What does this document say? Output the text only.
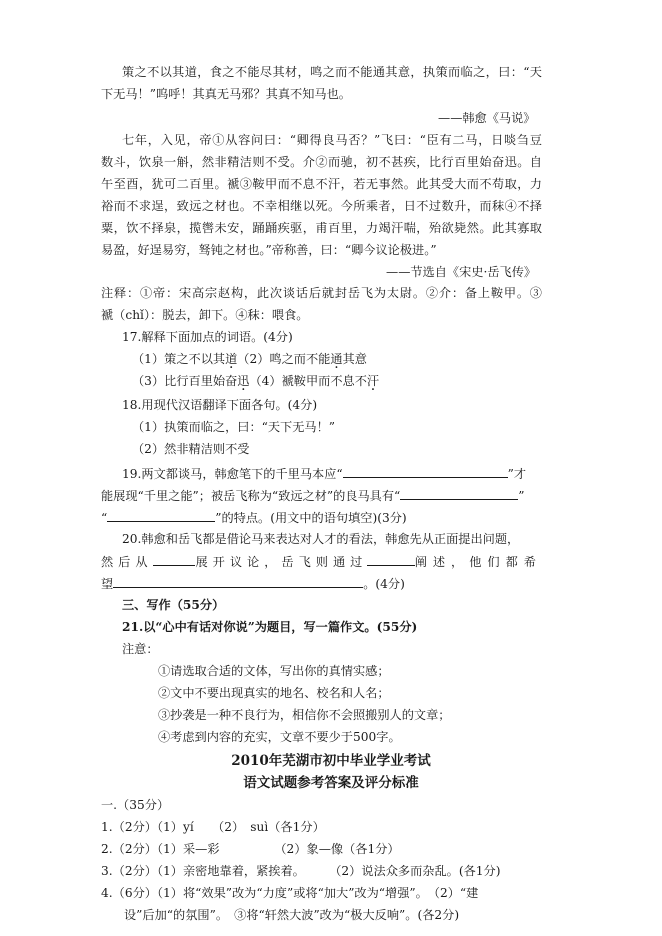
策之不以其道，食之不能尽其材，鸣之而不能通其意，执策而临之，曰：“天
下无马！”呜呼！其真无马邪？其真不知马也。
——韩愈《马说》
七年，入见，帝①从容问曰：“卿得良马否？”飞曰：“臣有二马，日啖刍豆
数斗，饮泉一斛，然非精洁则不受。介②而驰，初不甚疾，比行百里始奋迅。自
午至酉，犹可二百里。褫③鞍甲而不息不汗，若无事然。此其受大而不苟取，力
裕而不求逞，致远之材也。不幸相继以死。今所乘者，日不过数升，而秣④不择
粟，饮不择泉，揽辔未安，踊踊疾驱，甫百里，力竭汗喘，殆欲毙然。此其寡取
易盈，好逞易穷，驽钝之材也。”帝称善，曰：“卿今议论极进。”
——节选自《宋史·岳飞传》
注释：①帝：宋高宗赵构，此次谈话后就封岳飞为太尉。②介：备上鞍甲。③
褫（chǐ）：脱去，卸下。④秣：喂食。
17.解释下面加点的词语。(4分)
（1）策之不以其道（2）鸣之而不能通其意
（3）比行百里始奋迅（4）褫鞍甲而不息不汗
18.用现代汉语翻译下面各句。(4分)
（1）执策而临之，曰：“天下无马！”
（2）然非精洁则不受
19.两文都谈马，韩愈笔下的千里马本应“	”才
能展现“千里之能”；被岳飞称为“致远之材”的良马具有“	”
“	”的特点。(用文中的语句填空)(3分)
20.韩愈和岳飞都是借论马来表达对人才的看法，韩愈先从正面提出问题，
然后从	展开议论，岳飞则通过	阐述，他们都希
望	。(4分)
三、写作（55分）
21.以“心中有话对你说”为题目，写一篇作文。(55分)
注意：
①请选取合适的文体，写出你的真情实感；
②文中不要出现真实的地名、校名和人名；
③抄袭是一种不良行为，相信你不会照搬别人的文章；
④考虑到内容的充实，文章不要少于500字。
2010年芜湖市初中毕业学业考试
语文试题参考答案及评分标准
一.（35分）
1.（2分）（1）yí　　（2）　suì（各1分）
2.（2分）（1）采—彩　　　　　（2）象—像（各1分）
3.（2分）（1）亲密地靠着，紧挨着。　　　（2）说法众多而杂乱。(各1分)
4.（6分）（1）将“效果”改为“力度”或将“加大”改为“增强”。　（2）“建
设”后加“的氛围”。　③将“轩然大波”改为“极大反响”。(各2分)
